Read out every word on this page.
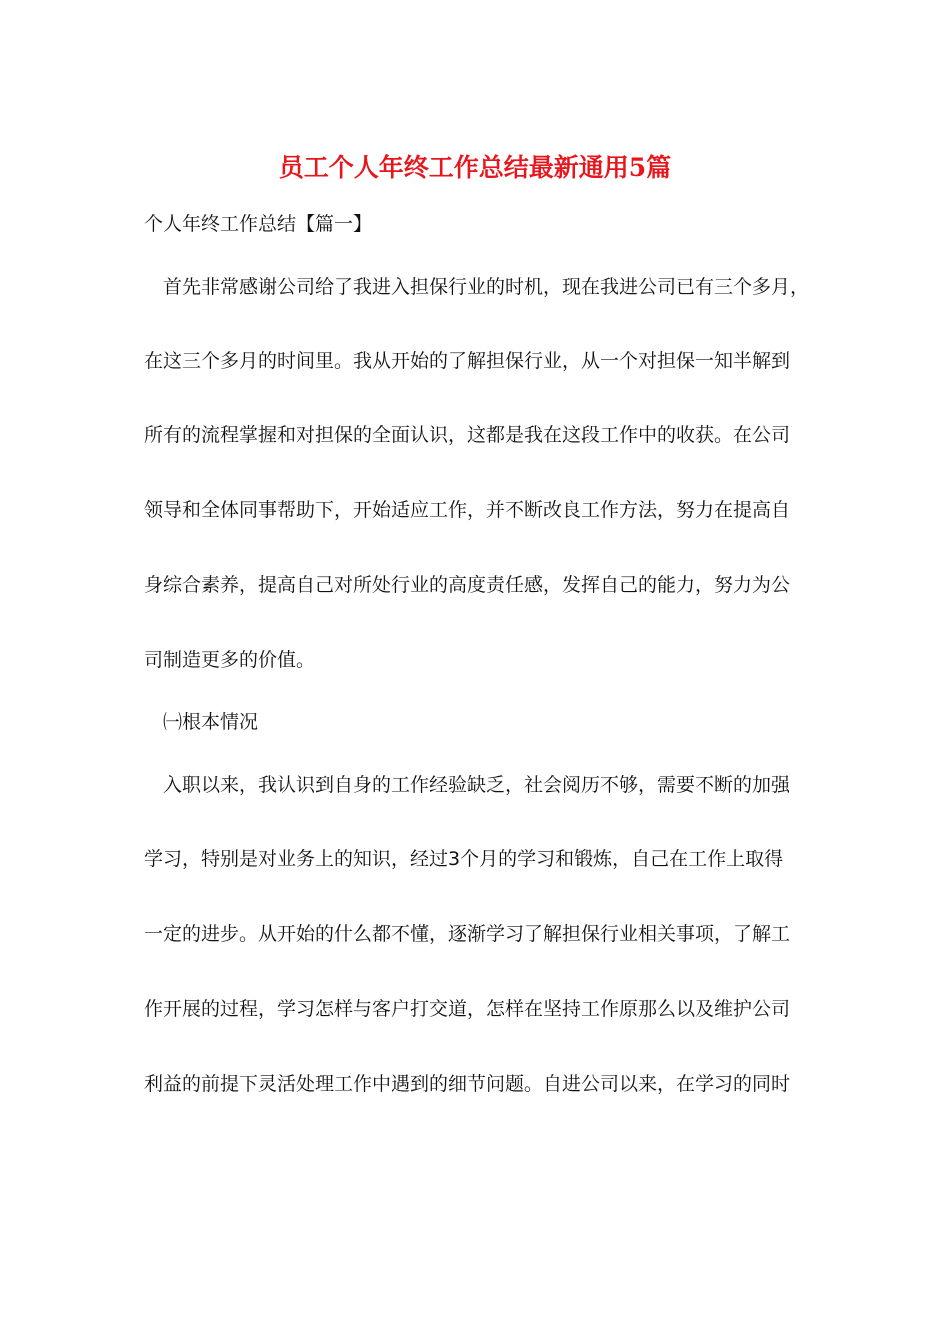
员工个人年终工作总结最新通用5篇
个人年终工作总结【篇一】
首先非常感谢公司给了我进入担保行业的时机，现在我进公司已有三个多月，
在这三个多月的时间里。我从开始的了解担保行业，从一个对担保一知半解到
所有的流程掌握和对担保的全面认识，这都是我在这段工作中的收获。在公司
领导和全体同事帮助下，开始适应工作，并不断改良工作方法，努力在提高自
身综合素养，提高自己对所处行业的高度责任感，发挥自己的能力，努力为公
司制造更多的价值。
㈠根本情况
入职以来，我认识到自身的工作经验缺乏，社会阅历不够，需要不断的加强
学习，特别是对业务上的知识，经过3个月的学习和锻炼，自己在工作上取得
一定的进步。从开始的什么都不懂，逐渐学习了解担保行业相关事项，了解工
作开展的过程，学习怎样与客户打交道，怎样在坚持工作原那么以及维护公司
利益的前提下灵活处理工作中遇到的细节问题。自进公司以来，在学习的同时
